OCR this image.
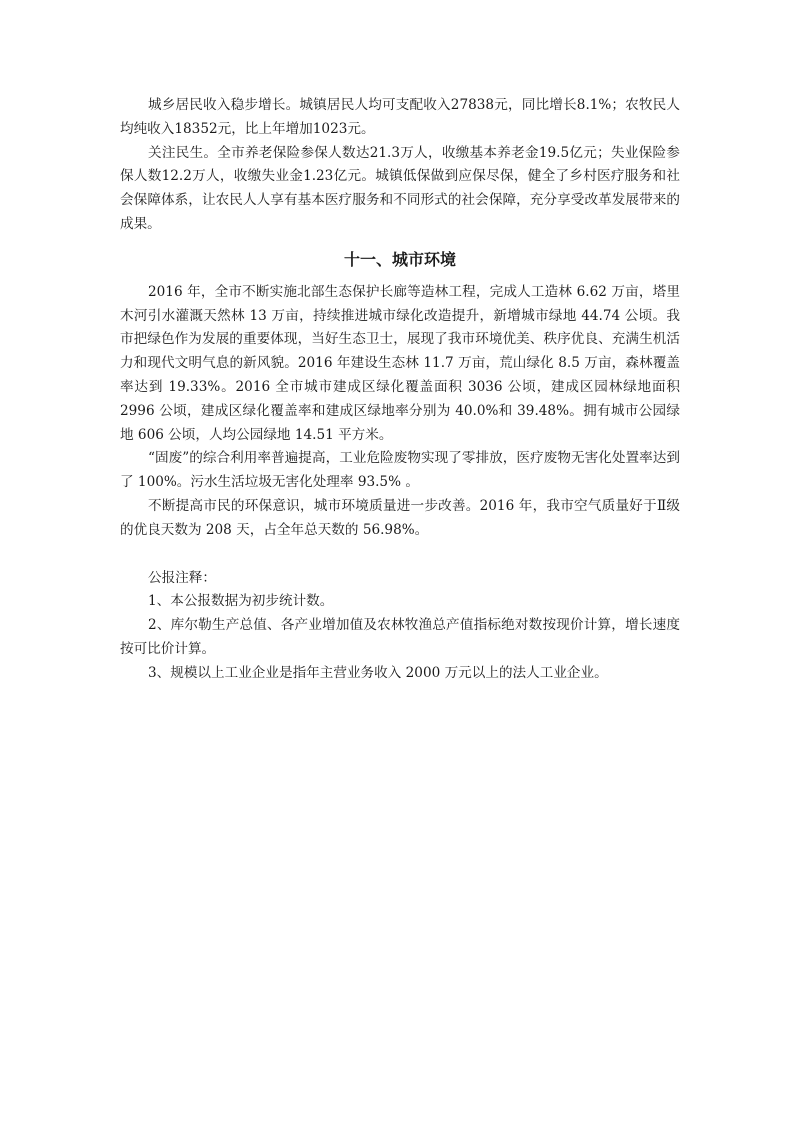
城乡居民收入稳步增长。城镇居民人均可支配收入27838元，同比增长8.1%；农牧民人均纯收入18352元，比上年增加1023元。

关注民生。全市养老保险参保人数达21.3万人，收缴基本养老金19.5亿元；失业保险参保人数12.2万人，收缴失业金1.23亿元。城镇低保做到应保尽保，健全了乡村医疗服务和社会保障体系，让农民人人享有基本医疗服务和不同形式的社会保障，充分享受改革发展带来的成果。

十一、城市环境

2016 年，全市不断实施北部生态保护长廊等造林工程，完成人工造林 6.62 万亩，塔里木河引水灌溉天然林 13 万亩，持续推进城市绿化改造提升，新增城市绿地 44.74 公顷。我市把绿色作为发展的重要体现，当好生态卫士，展现了我市环境优美、秩序优良、充满生机活力和现代文明气息的新风貌。2016 年建设生态林 11.7 万亩，荒山绿化 8.5 万亩，森林覆盖率达到 19.33%。2016 全市城市建成区绿化覆盖面积 3036 公顷，建成区园林绿地面积 2996 公顷，建成区绿化覆盖率和建成区绿地率分别为 40.0%和 39.48%。拥有城市公园绿地 606 公顷，人均公园绿地 14.51 平方米。

“固废”的综合利用率普遍提高，工业危险废物实现了零排放，医疗废物无害化处置率达到了 100%。污水生活垃圾无害化处理率 93.5% 。

不断提高市民的环保意识，城市环境质量进一步改善。2016 年，我市空气质量好于Ⅱ级的优良天数为 208 天，占全年总天数的 56.98%。

公报注释：

1、本公报数据为初步统计数。

2、库尔勒生产总值、各产业增加值及农林牧渔总产值指标绝对数按现价计算，增长速度按可比价计算。

3、规模以上工业企业是指年主营业务收入 2000 万元以上的法人工业企业。
